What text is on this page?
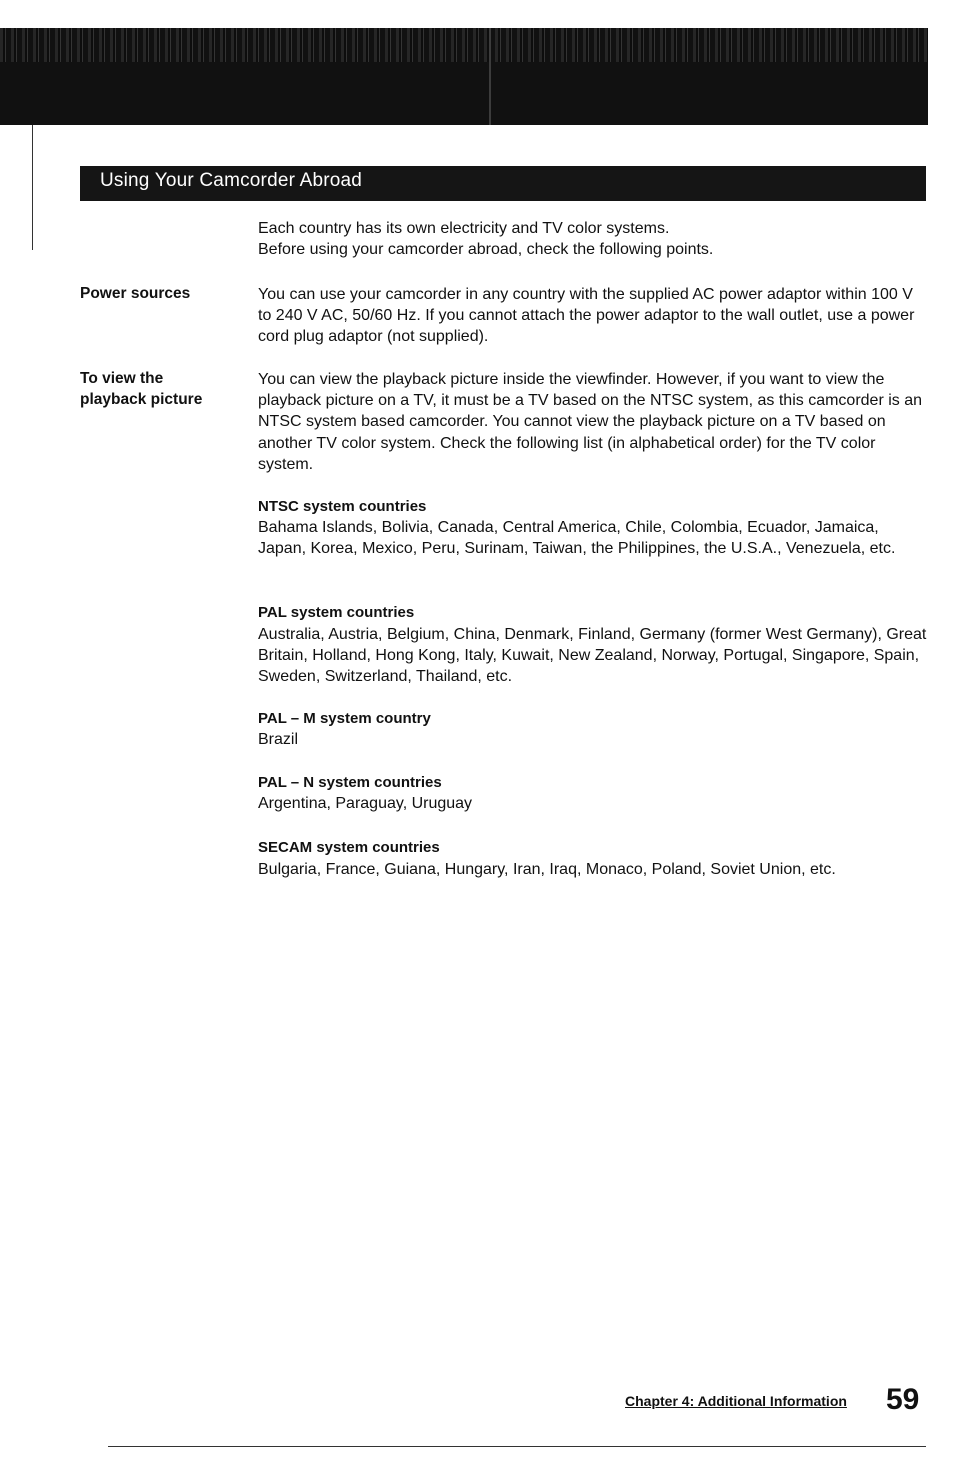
Using Your Camcorder Abroad
Each country has its own electricity and TV color systems.
Before using your camcorder abroad, check the following points.
Power sources	You can use your camcorder in any country with the supplied AC power adaptor within 100 V to 240 V AC, 50/60 Hz. If you cannot attach the power adaptor to the wall outlet, use a power cord plug adaptor (not supplied).
To view the
playback picture
You can view the playback picture inside the viewfinder. However, if you want to view the playback picture on a TV, it must be a TV based on the NTSC system, as this camcorder is an NTSC system based camcorder. You cannot view the playback picture on a TV based on another TV color system. Check the following list (in alphabetical order) for the TV color system.
NTSC system countries
Bahama Islands, Bolivia, Canada, Central America, Chile, Colombia, Ecuador, Jamaica, Japan, Korea, Mexico, Peru, Surinam, Taiwan, the Philippines, the U.S.A., Venezuela, etc.
PAL system countries
Australia, Austria, Belgium, China, Denmark, Finland, Germany (former West Germany), Great Britain, Holland, Hong Kong, Italy, Kuwait, New Zealand, Norway, Portugal, Singapore, Spain, Sweden, Switzerland, Thailand, etc.
PAL – M system country
Brazil
PAL – N system countries
Argentina, Paraguay, Uruguay
SECAM system countries
Bulgaria, France, Guiana, Hungary, Iran, Iraq, Monaco, Poland, Soviet Union, etc.
Chapter 4: Additional Information 59
